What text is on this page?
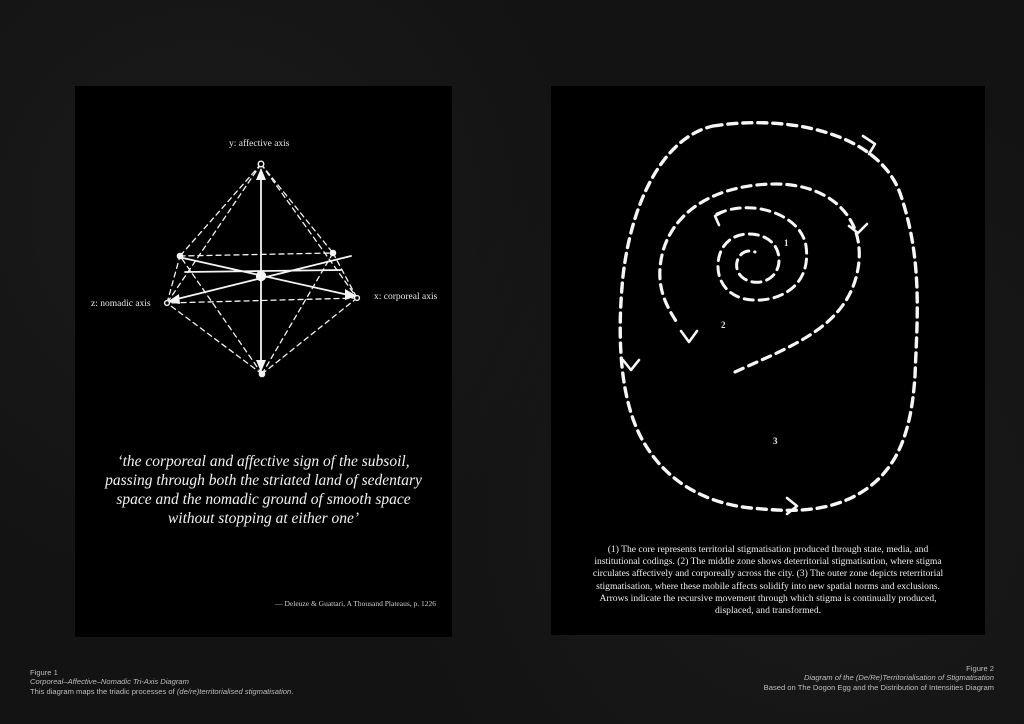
y: affective axis
z: nomadic axis
x: corporeal axis
‘the corporeal and affective sign of the subsoil,
passing through both the striated land of sedentary
space and the nomadic ground of smooth space
without stopping at either one’
— Deleuze & Guattari, A Thousand Plateaus, p. 1226
1
2
3
(1) The core represents territorial stigmatisation produced through state, media, and institutional codings. (2) The middle zone shows deterritorial stigmatisation, where stigma circulates affectively and corporeally across the city. (3) The outer zone depicts reterritorial stigmatisation, where these mobile affects solidify into new spatial norms and exclusions. Arrows indicate the recursive movement through which stigma is continually produced, displaced, and transformed.
Figure 1
Corporeal–Affective–Nomadic Tri-Axis Diagram
This diagram maps the triadic processes of (de/re)territorialised stigmatisation.
Figure 2
Diagram of the (De/Re)Territorialisation of Stigmatisation
Based on The Dogon Egg and the Distribution of Intensities Diagram
